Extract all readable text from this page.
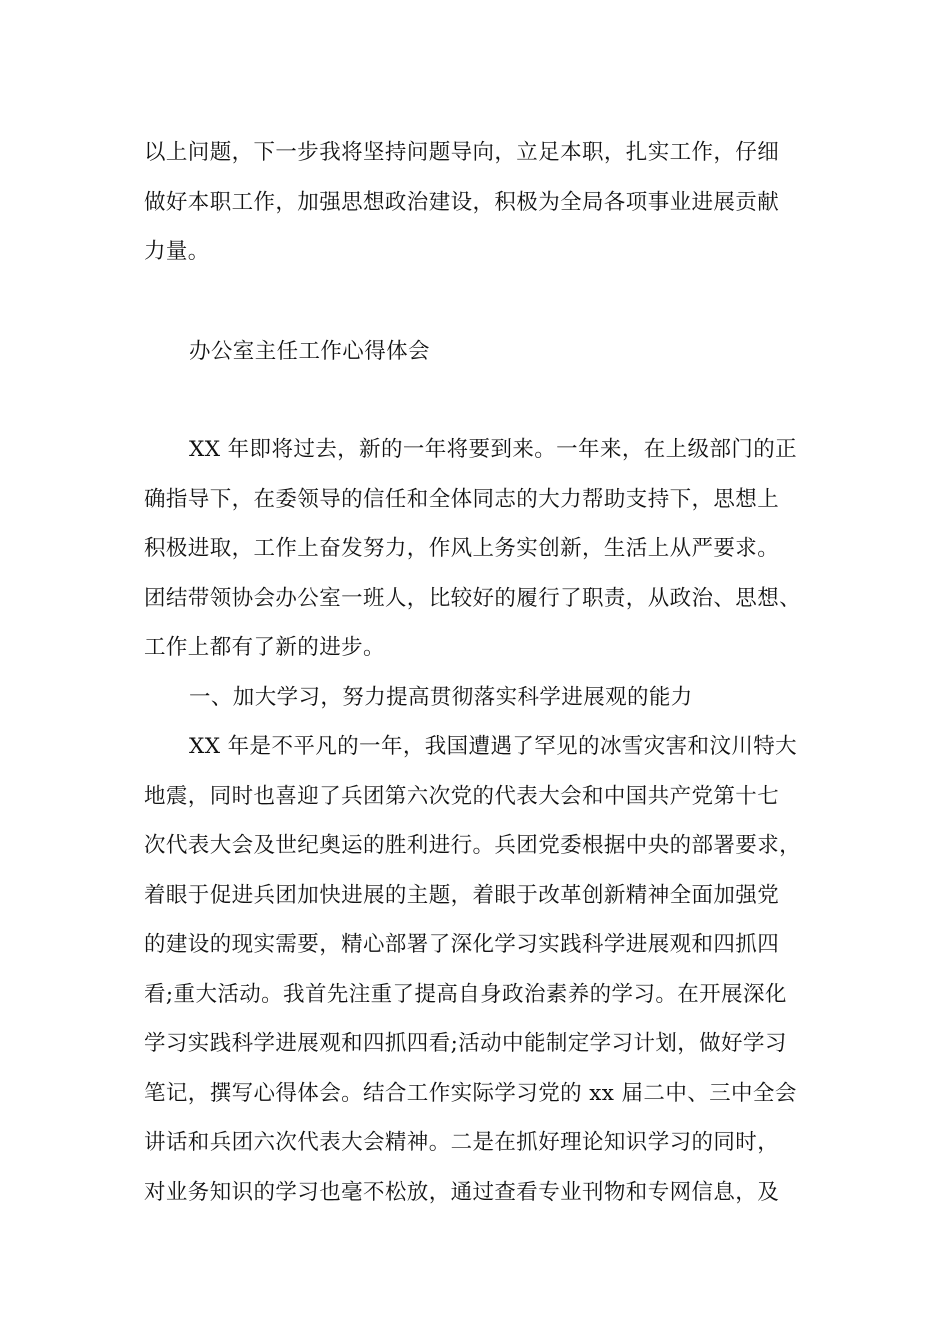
以上问题，下一步我将坚持问题导向，立足本职，扎实工作，仔细
做好本职工作，加强思想政治建设，积极为全局各项事业进展贡献
力量。
办公室主任工作心得体会
XX 年即将过去，新的一年将要到来。一年来，在上级部门的正
确指导下，在委领导的信任和全体同志的大力帮助支持下，思想上
积极进取，工作上奋发努力，作风上务实创新，生活上从严要求。
团结带领协会办公室一班人，比较好的履行了职责，从政治、思想、
工作上都有了新的进步。
一、加大学习，努力提高贯彻落实科学进展观的能力
XX 年是不平凡的一年，我国遭遇了罕见的冰雪灾害和汶川特大
地震，同时也喜迎了兵团第六次党的代表大会和中国共产党第十七
次代表大会及世纪奥运的胜利进行。兵团党委根据中央的部署要求，
着眼于促进兵团加快进展的主题，着眼于改革创新精神全面加强党
的建设的现实需要，精心部署了深化学习实践科学进展观和四抓四
看;重大活动。我首先注重了提高自身政治素养的学习。在开展深化
学习实践科学进展观和四抓四看;活动中能制定学习计划，做好学习
笔记，撰写心得体会。结合工作实际学习党的 xx 届二中、三中全会
讲话和兵团六次代表大会精神。二是在抓好理论知识学习的同时，
对业务知识的学习也毫不松放，通过查看专业刊物和专网信息，及
